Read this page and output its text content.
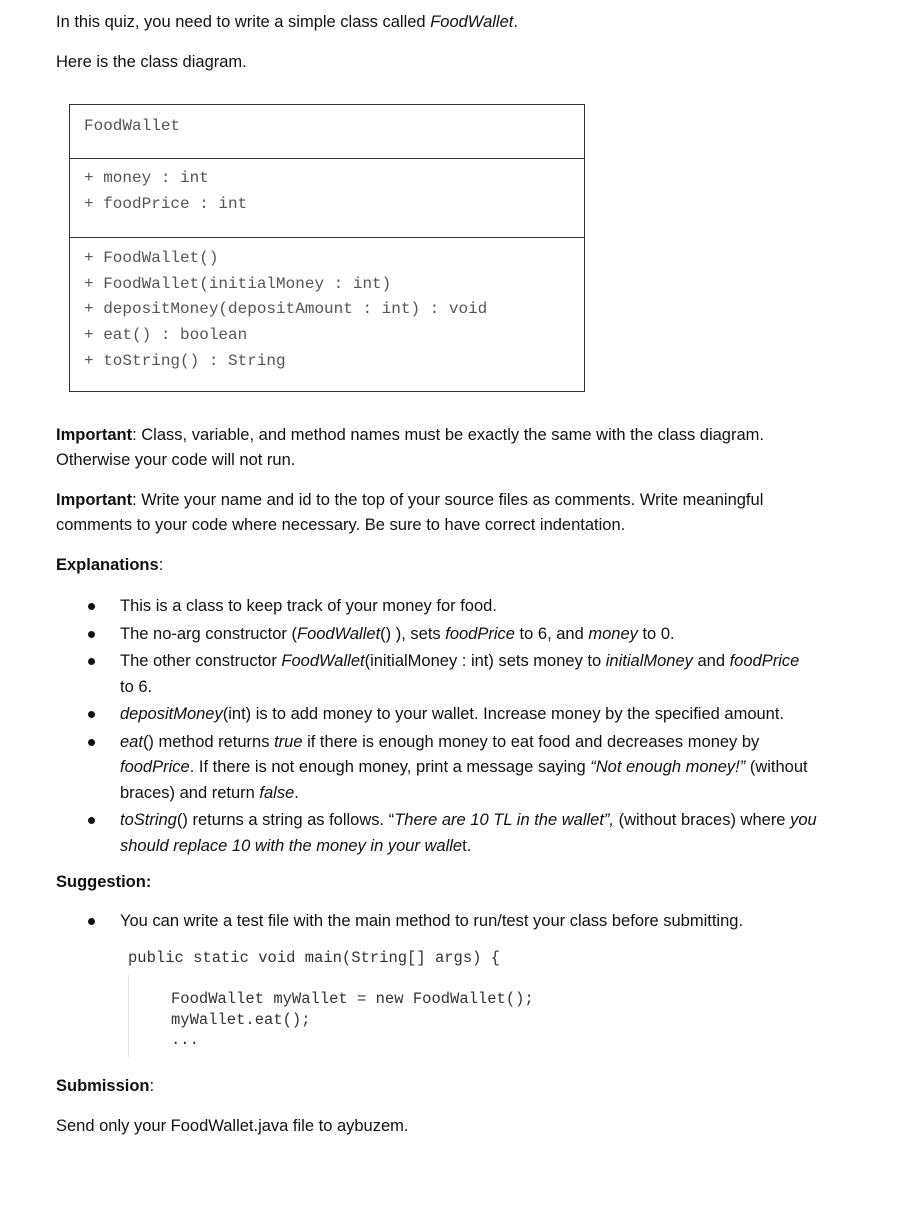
In this quiz, you need to write a simple class called FoodWallet.
Here is the class diagram.
FoodWallet
+ money : int
+ foodPrice : int
+ FoodWallet()
+ FoodWallet(initialMoney : int)
+ depositMoney(depositAmount : int) : void
+ eat() : boolean
+ toString() : String
Important: Class, variable, and method names must be exactly the same with the class diagram.
Otherwise your code will not run.
Important: Write your name and id to the top of your source files as comments. Write meaningful
comments to your code where necessary. Be sure to have correct indentation.
Explanations:
This is a class to keep track of your money for food.
The no-arg constructor (FoodWallet() ), sets foodPrice to 6, and money to 0.
The other constructor FoodWallet(initialMoney : int) sets money to initialMoney and foodPrice
to 6.
depositMoney(int) is to add money to your wallet. Increase money by the specified amount.
eat() method returns true if there is enough money to eat food and decreases money by
foodPrice. If there is not enough money, print a message saying “Not enough money!” (without
braces) and return false.
toString() returns a string as follows. “There are 10 TL in the wallet”, (without braces) where you
should replace 10 with the money in your wallet.
Suggestion:
You can write a test file with the main method to run/test your class before submitting.
public static void main(String[] args) {
FoodWallet myWallet = new FoodWallet();
myWallet.eat();
...
Submission:
Send only your FoodWallet.java file to aybuzem.
